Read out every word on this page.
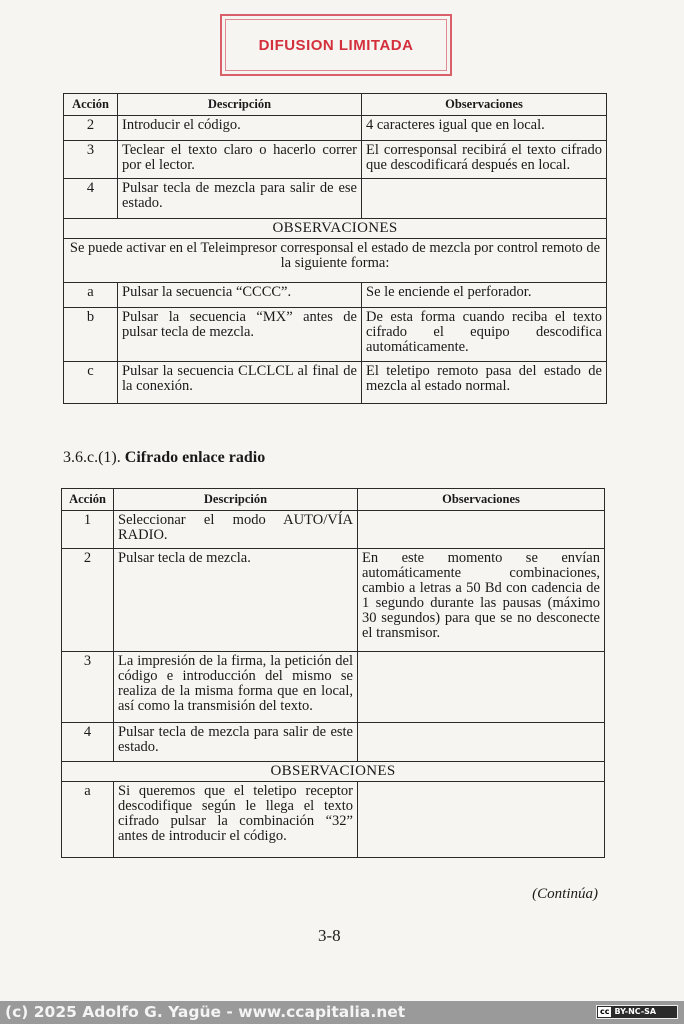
DIFUSION LIMITADA
Acción	Descripción	Observaciones
2	Introducir el código.	4 caracteres igual que en local.
3	Teclear el texto claro o hacerlo correr por el lector.	El corresponsal recibirá el texto cifrado que descodificará después en local.
4	Pulsar tecla de mezcla para salir de ese estado.	
OBSERVACIONES		
Se puede activar en el Teleimpresor corresponsal el estado de mezcla por control remoto de la siguiente forma:		
a	Pulsar la secuencia “CCCC”.	Se le enciende el perforador.
b	Pulsar la secuencia “MX” antes de pulsar tecla de mezcla.	De esta forma cuando reciba el texto cifrado el equipo descodifica automáticamente.
c	Pulsar la secuencia CLCLCL al final de la conexión.	El teletipo remoto pasa del estado de mezcla al estado normal.
3.6.c.(1). Cifrado enlace radio
Acción	Descripción	Observaciones
1	Seleccionar el modo AUTO/VÍA RADIO.	
2	Pulsar tecla de mezcla.	En este momento se envían automáticamente combinaciones, cambio a letras a 50 Bd con cadencia de 1 segundo durante las pausas (máximo 30 segundos) para que se no desconecte el transmisor.
3	La impresión de la firma, la petición del código e introducción del mismo se realiza de la misma forma que en local, así como la transmisión del texto.	
4	Pulsar tecla de mezcla para salir de este estado.	
OBSERVACIONES		
a	Si queremos que el teletipo receptor descodifique según le llega el texto cifrado pulsar la combinación “32” antes de introducir el código.	
(Continúa)
3-8
(c) 2025 Adolfo G. Yagüe - www.ccapitalia.net	cc BY-NC-SA
